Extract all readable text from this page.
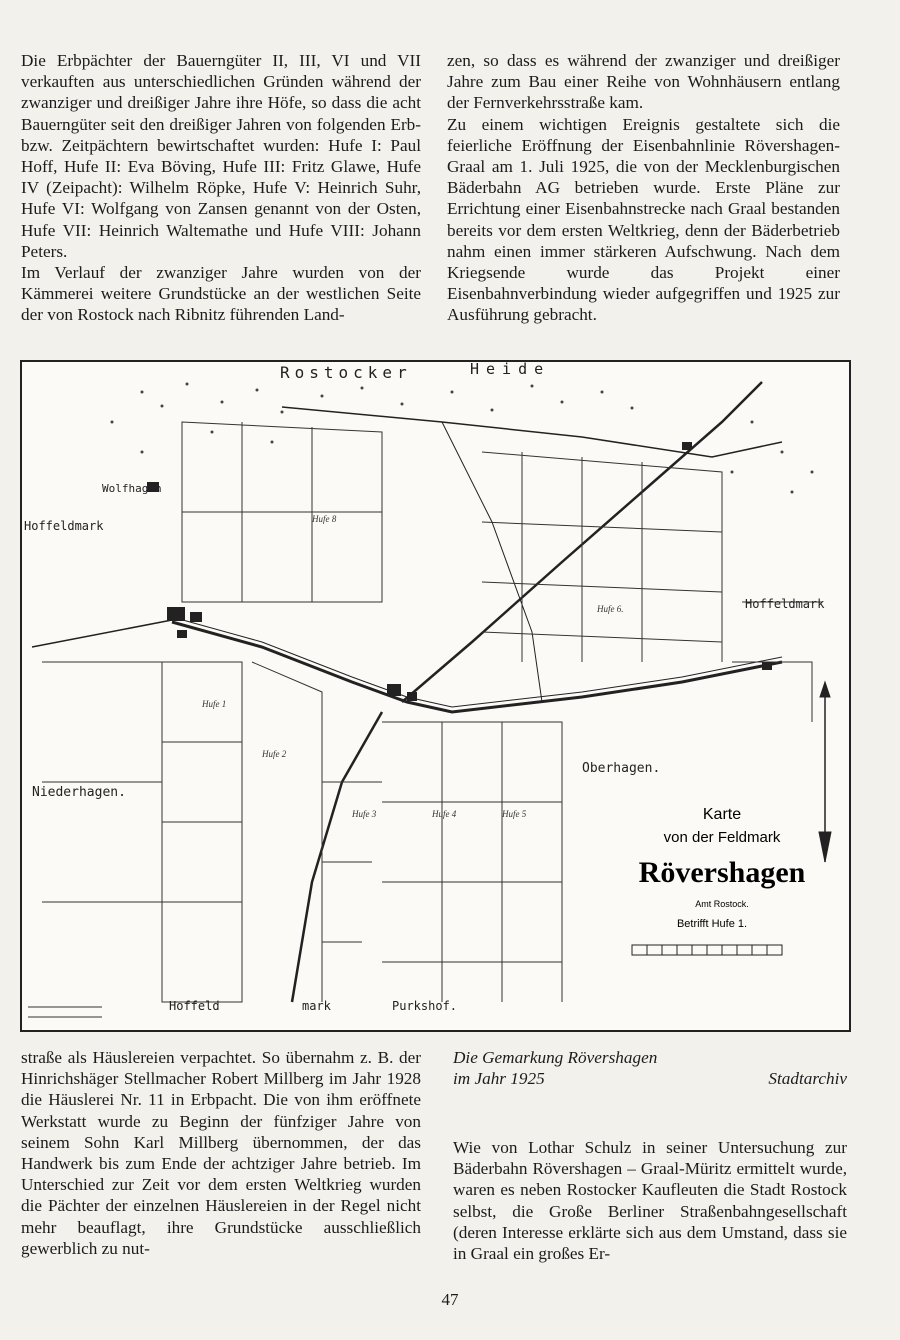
Die Erbpächter der Bauerngüter II, III, VI und VII verkauften aus unterschiedlichen Gründen während der zwanziger und dreißiger Jahre ihre Höfe, so dass die acht Bauerngüter seit den dreißiger Jahren von folgenden Erb- bzw. Zeitpächtern bewirtschaftet wurden: Hufe I: Paul Hoff, Hufe II: Eva Böving, Hufe III: Fritz Glawe, Hufe IV (Zeipacht): Wilhelm Röpke, Hufe V: Heinrich Suhr, Hufe VI: Wolfgang von Zansen genannt von der Osten, Hufe VII: Heinrich Waltemathe und Hufe VIII: Johann Peters.

Im Verlauf der zwanziger Jahre wurden von der Kämmerei weitere Grundstücke an der westlichen Seite der von Rostock nach Ribnitz führenden Land-

zen, so dass es während der zwanziger und dreißiger Jahre zum Bau einer Reihe von Wohnhäusern entlang der Fernverkehrsstraße kam.

Zu einem wichtigen Ereignis gestaltete sich die feierliche Eröffnung der Eisenbahnlinie Rövershagen-Graal am 1. Juli 1925, die von der Mecklenburgischen Bäderbahn AG betrieben wurde. Erste Pläne zur Errichtung einer Eisenbahnstrecke nach Graal bestanden bereits vor dem ersten Weltkrieg, denn der Bäderbetrieb nahm einen immer stärkeren Aufschwung. Nach dem Kriegsende wurde das Projekt einer Eisenbahnverbindung wieder aufgegriffen und 1925 zur Ausführung gebracht.

Rostocker	Heide
Wolfhagen
Hoffeldmark
Hoffeldmark
Niederhagen.
Oberhagen.
Hoffeld	mark	Purkshof.
Hufe 8
Hufe 6.
Hufe 1
Hufe 2
Hufe 3	Hufe 4	Hufe 5	Karte
von der Feldmark
Rövershagen
Amt Rostock.
Betrifft Hufe 1.
Die Gemarkung Rövershagen
im Jahr 1925	Stadtarchiv

straße als Häuslereien verpachtet. So übernahm z. B. der Hinrichshäger Stellmacher Robert Millberg im Jahr 1928 die Häuslerei Nr. 11 in Erbpacht. Die von ihm eröffnete Werkstatt wurde zu Beginn der fünfziger Jahre von seinem Sohn Karl Millberg übernommen, der das Handwerk bis zum Ende der achtziger Jahre betrieb. Im Unterschied zur Zeit vor dem ersten Weltkrieg wurden die Pächter der einzelnen Häuslereien in der Regel nicht mehr beauflagt, ihre Grundstücke ausschließlich gewerblich zu nut-

Wie von Lothar Schulz in seiner Untersuchung zur Bäderbahn Rövershagen – Graal-Müritz ermittelt wurde, waren es neben Rostocker Kaufleuten die Stadt Rostock selbst, die Große Berliner Straßenbahngesellschaft (deren Interesse erklärte sich aus dem Umstand, dass sie in Graal ein großes Er-

47
